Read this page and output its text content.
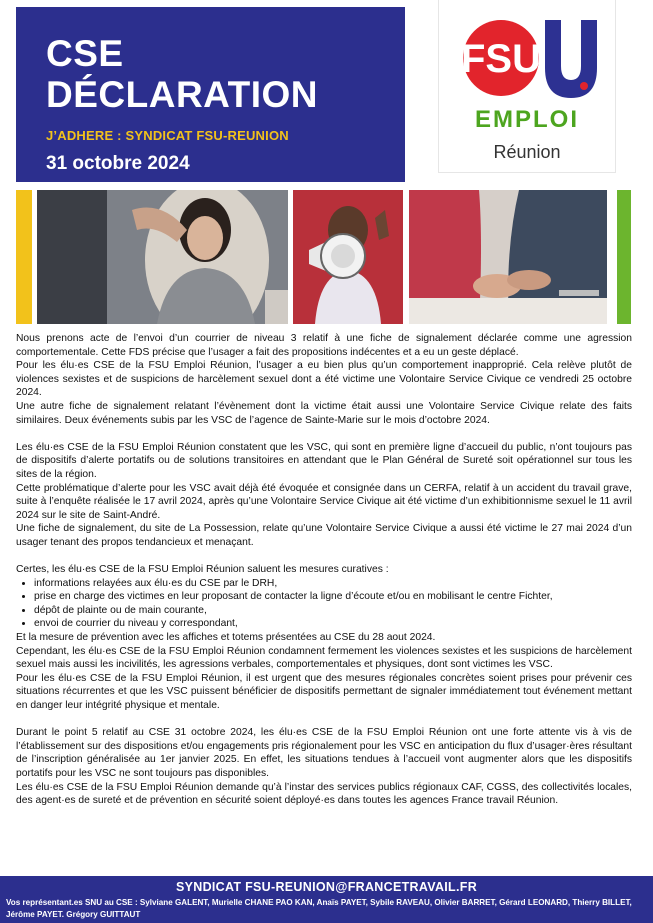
CSE
DÉCLARATION
J’ADHERE : SYNDICAT FSU-REUNION
31 octobre 2024
FSU
EMPLOI
Réunion

Nous prenons acte de l’envoi d’un courrier de niveau 3 relatif à une fiche de signalement déclarée comme une agression comportementale. Cette FDS précise que l’usager a fait des propositions indécentes et a eu un geste déplacé.

Pour les élu·es CSE de la FSU Emploi Réunion, l’usager a eu bien plus qu’un comportement inapproprié. Cela relève plutôt de violences sexistes et de suspicions de harcèlement sexuel dont a été victime une Volontaire Service Civique ce vendredi 25 octobre 2024.

Une autre fiche de signalement relatant l’évènement dont la victime était aussi une Volontaire Service Civique relate des faits similaires. Deux événements subis par les VSC de l’agence de Sainte-Marie sur le mois d’octobre 2024.

Les élu·es CSE de la FSU Emploi Réunion constatent que les VSC, qui sont en première ligne d’accueil du public, n’ont toujours pas de dispositifs d’alerte portatifs ou de solutions transitoires en attendant que le Plan Général de Sureté soit opérationnel sur tous les sites de la région.

Cette problématique d’alerte pour les VSC avait déjà été évoquée et consignée dans un CERFA, relatif à un accident du travail grave, suite à l’enquête réalisée le 17 avril 2024, après qu’une Volontaire Service Civique ait été victime d’un exhibitionnisme sexuel le 11 avril 2024 sur le site de Saint-André.

Une fiche de signalement, du site de La Possession, relate qu’une Volontaire Service Civique a aussi été victime le 27 mai 2024 d’un usager tenant des propos tendancieux et menaçant.

Certes, les élu·es CSE de la FSU Emploi Réunion saluent les mesures curatives :

• informations relayées aux élu·es du CSE par le DRH,
• prise en charge des victimes en leur proposant de contacter la ligne d’écoute et/ou en mobilisant le centre Fichter,
• dépôt de plainte ou de main courante,
• envoi de courrier du niveau y correspondant,

Et la mesure de prévention avec les affiches et totems présentées au CSE du 28 aout 2024.

Cependant, les élu·es CSE de la FSU Emploi Réunion condamnent fermement les violences sexistes et les suspicions de harcèlement sexuel mais aussi les incivilités, les agressions verbales, comportementales et physiques, dont sont victimes les VSC.

Pour les élu·es CSE de la FSU Emploi Réunion, il est urgent que des mesures régionales concrètes soient prises pour prévenir ces situations récurrentes et que les VSC puissent bénéficier de dispositifs permettant de signaler immédiatement tout événement mettant en danger leur intégrité physique et mentale.

Durant le point 5 relatif au CSE 31 octobre 2024, les élu·es CSE de la FSU Emploi Réunion ont une forte attente vis à vis de l’établissement sur des dispositions et/ou engagements pris régionalement pour les VSC en anticipation du flux d’usager·ères résultant de l’inscription généralisée au 1er janvier 2025. En effet, les situations tendues à l’accueil vont augmenter alors que les dispositifs portatifs pour les VSC ne sont toujours pas disponibles.

Les élu·es CSE de la FSU Emploi Réunion demande qu’à l’instar des services publics régionaux CAF, CGSS, des collectivités locales, des agent·es de sureté et de prévention en sécurité soient déployé·es dans toutes les agences France travail Réunion.

SYNDICAT FSU-REUNION@FRANCETRAVAIL.FR
Vos représentant.es SNU au CSE : Sylviane GALENT, Murielle CHANE PAO KAN, Anaïs PAYET, Sybile RAVEAU, Olivier BARRET, Gérard LEONARD, Thierry BILLET, Jérôme PAYET. Grégory GUITTAUT
